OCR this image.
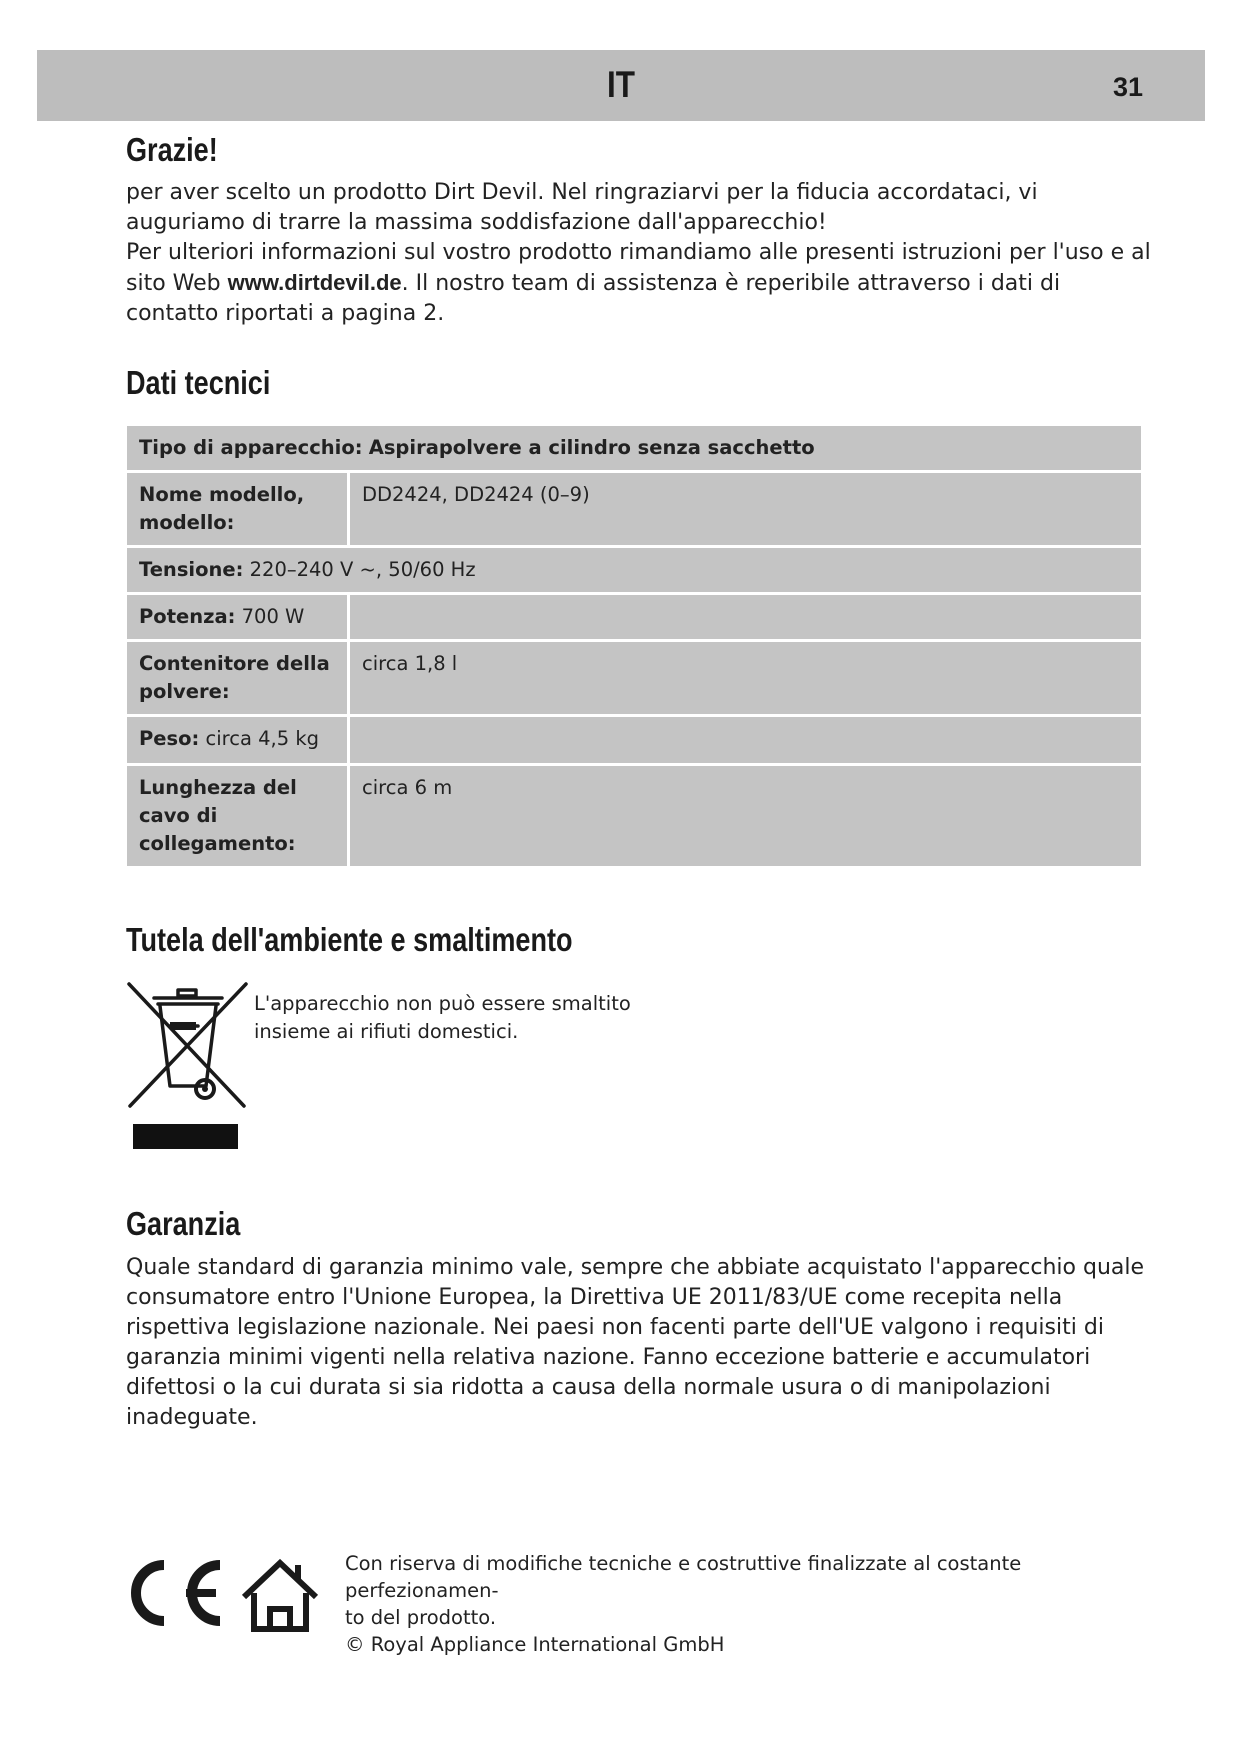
IT	31
Grazie!

per aver scelto un prodotto Dirt Devil. Nel ringraziarvi per la fiducia accordataci, vi auguriamo di trarre la massima soddisfazione dall'apparecchio!

Per ulteriori informazioni sul vostro prodotto rimandiamo alle presenti istruzioni per l'uso e al sito Web www.dirtdevil.de. Il nostro team di assistenza è reperibile attraverso i dati di contatto riportati a pagina 2.

Dati tecnici
Tipo di apparecchio: Aspirapolvere a cilindro senza sacchetto	
Nome modello, modello:	DD2424, DD2424 (0–9)
Tensione: 220–240 V ~, 50/60 Hz	
Potenza: 700 W	
Contenitore della polvere:	circa 1,8 l
Peso: circa 4,5 kg	
Lunghezza del cavo di collegamento:	circa 6 m
Tutela dell'ambiente e smaltimento
L'apparecchio non può essere smaltito insieme ai rifiuti domestici.
Garanzia
Quale standard di garanzia minimo vale, sempre che abbiate acquistato l'apparecchio quale consumatore entro l'Unione Europea, la Direttiva UE 2011/83/UE come recepita nella rispettiva legislazione nazionale. Nei paesi non facenti parte dell'UE valgono i requisiti di garanzia minimi vigenti nella relativa nazione. Fanno eccezione batterie e accumulatori difettosi o la cui durata si sia ridotta a causa della normale usura o di manipolazioni inadeguate.
Con riserva di modifiche tecniche e costruttive finalizzate al costante perfezionamen-
to del prodotto.
© Royal Appliance International GmbH
